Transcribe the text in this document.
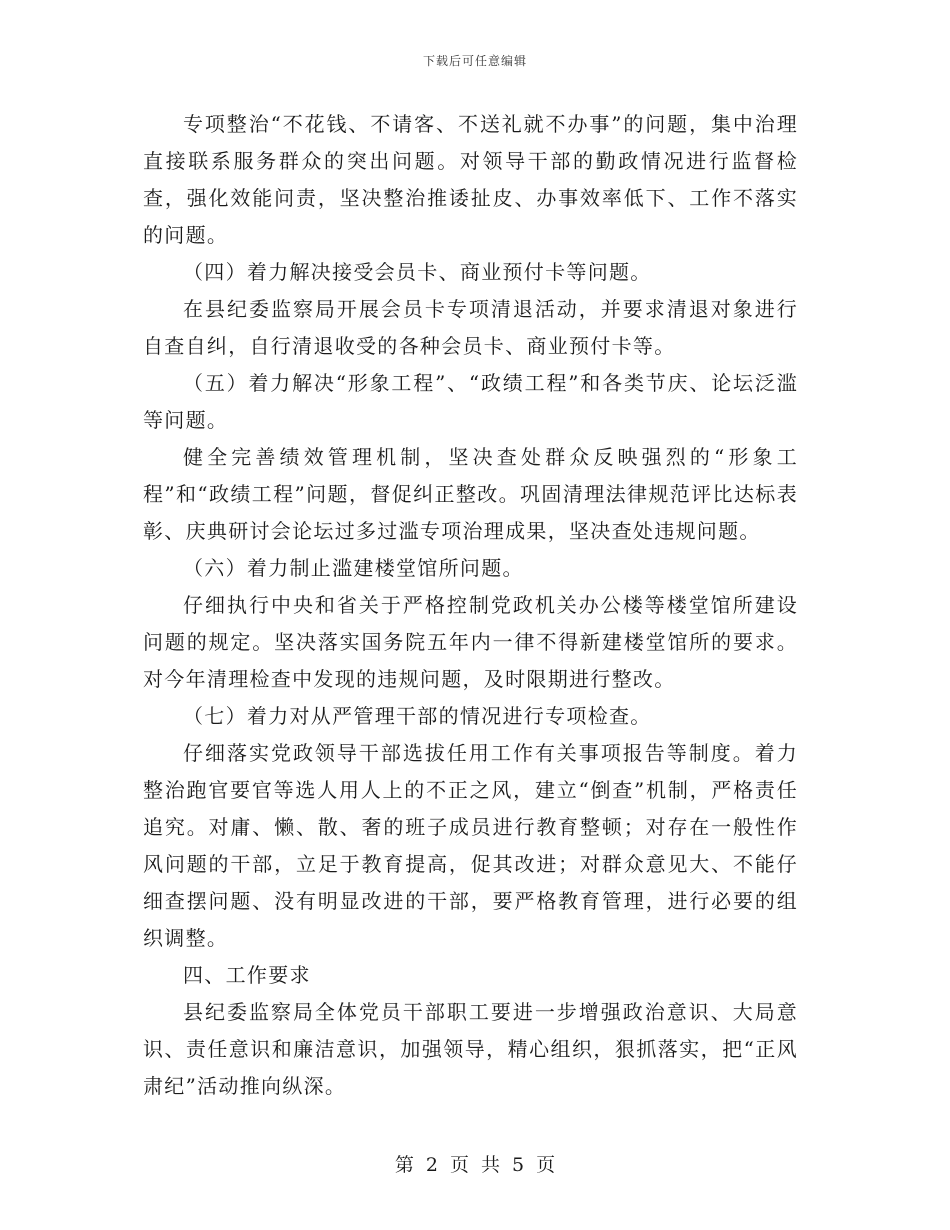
下载后可任意编辑

专项整治“不花钱、不请客、不送礼就不办事”的问题，集中治理直接联系服务群众的突出问题。对领导干部的勤政情况进行监督检查，强化效能问责，坚决整治推诿扯皮、办事效率低下、工作不落实的问题。

（四）着力解决接受会员卡、商业预付卡等问题。

在县纪委监察局开展会员卡专项清退活动，并要求清退对象进行自查自纠，自行清退收受的各种会员卡、商业预付卡等。

（五）着力解决“形象工程”、“政绩工程”和各类节庆、论坛泛滥等问题。

健全完善绩效管理机制，坚决查处群众反映强烈的“形象工程”和“政绩工程”问题，督促纠正整改。巩固清理法律规范评比达标表彰、庆典研讨会论坛过多过滥专项治理成果，坚决查处违规问题。

（六）着力制止滥建楼堂馆所问题。

仔细执行中央和省关于严格控制党政机关办公楼等楼堂馆所建设问题的规定。坚决落实国务院五年内一律不得新建楼堂馆所的要求。对今年清理检查中发现的违规问题，及时限期进行整改。

（七）着力对从严管理干部的情况进行专项检查。

仔细落实党政领导干部选拔任用工作有关事项报告等制度。着力整治跑官要官等选人用人上的不正之风，建立“倒查”机制，严格责任追究。对庸、懒、散、奢的班子成员进行教育整顿；对存在一般性作风问题的干部，立足于教育提高，促其改进；对群众意见大、不能仔细查摆问题、没有明显改进的干部，要严格教育管理，进行必要的组织调整。

四、工作要求

县纪委监察局全体党员干部职工要进一步增强政治意识、大局意识、责任意识和廉洁意识，加强领导，精心组织，狠抓落实，把“正风肃纪”活动推向纵深。

第 2 页 共 5 页
